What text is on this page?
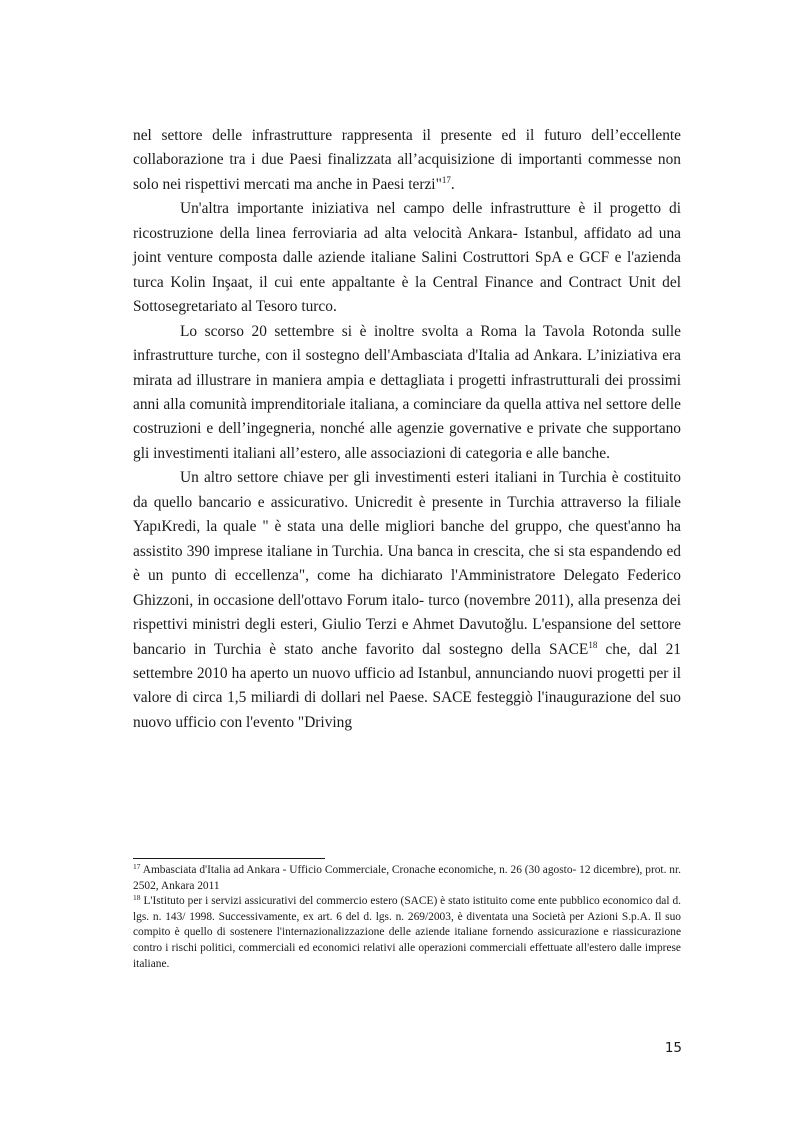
nel settore delle infrastrutture rappresenta il presente ed il futuro dell’eccellente collaborazione tra i due Paesi finalizzata all’acquisizione di importanti commesse non solo nei rispettivi mercati ma anche in Paesi terzi"$^{17}$.

Un'altra importante iniziativa nel campo delle infrastrutture è il progetto di ricostruzione della linea ferroviaria ad alta velocità Ankara- Istanbul, affidato ad una joint venture composta dalle aziende italiane Salini Costruttori SpA e GCF e l'azienda turca Kolin Inşaat, il cui ente appaltante è la Central Finance and Contract Unit del Sottosegretariato al Tesoro turco.

Lo scorso 20 settembre si è inoltre svolta a Roma la Tavola Rotonda sulle infrastrutture turche, con il sostegno dell'Ambasciata d'Italia ad Ankara. L’iniziativa era mirata ad illustrare in maniera ampia e dettagliata i progetti infrastrutturali dei prossimi anni alla comunità imprenditoriale italiana, a cominciare da quella attiva nel settore delle costruzioni e dell’ingegneria, nonché alle agenzie governative e private che supportano gli investimenti italiani all’estero, alle associazioni di categoria e alle banche.

Un altro settore chiave per gli investimenti esteri italiani in Turchia è costituito da quello bancario e assicurativo. Unicredit è presente in Turchia attraverso la filiale YapıKredi, la quale " è stata una delle migliori banche del gruppo, che quest'anno ha assistito 390 imprese italiane in Turchia. Una banca in crescita, che si sta espandendo ed è un punto di eccellenza", come ha dichiarato l'Amministratore Delegato Federico Ghizzoni, in occasione dell'ottavo Forum italo- turco (novembre 2011), alla presenza dei rispettivi ministri degli esteri, Giulio Terzi e Ahmet Davutoğlu. L'espansione del settore bancario in Turchia è stato anche favorito dal sostegno della SACE$^{18}$ che, dal 21 settembre 2010 ha aperto un nuovo ufficio ad Istanbul, annunciando nuovi progetti per il valore di circa 1,5 miliardi di dollari nel Paese. SACE festeggiò l'inaugurazione del suo nuovo ufficio con l'evento "Driving

$^{17}$ Ambasciata d'Italia ad Ankara - Ufficio Commerciale, Cronache economiche, n. 26 (30 agosto- 12 dicembre), prot. nr. 2502, Ankara 2011

$^{18}$ L'Istituto per i servizi assicurativi del commercio estero (SACE) è stato istituito come ente pubblico economico dal d. lgs. n. 143/ 1998. Successivamente, ex art. 6 del d. lgs. n. 269/2003, è diventata una Società per Azioni S.p.A. Il suo compito è quello di sostenere l'internazionalizzazione delle aziende italiane fornendo assicurazione e riassicurazione contro i rischi politici, commerciali ed economici relativi alle operazioni commerciali effettuate all'estero dalle imprese italiane.

15
